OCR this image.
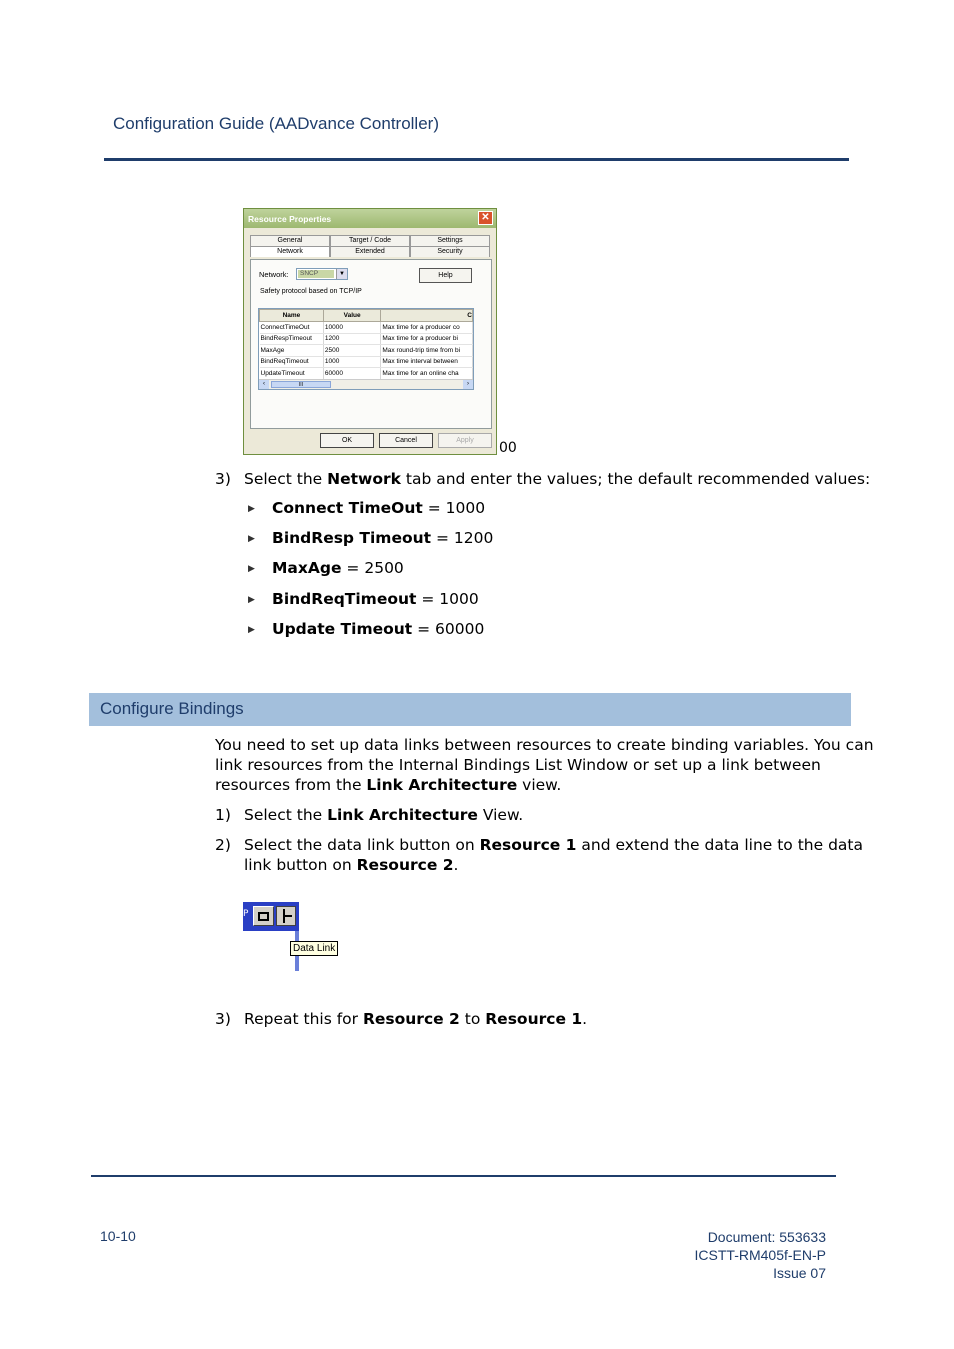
Configuration Guide (AADvance Controller)
Resource Properties	✕
General	Target / Code	Settings
Network	Extended	Security
Network:	SNCP	▼	Help
Safety protocol based on TCP/IP
Name	Value	C
ConnectTimeOut	10000	Max time for a producer co
BindRespTimeout	1200	Max time for a producer bi
MaxAge	2500	Max round-trip time from bi
BindReqTimeout	1000	Max time interval between
UpdateTimeout	60000	Max time for an online cha
‹	III	›
OK	Cancel	Apply	00
3) Select the Network tab and enter the values; the default recommended values:
▶ Connect TimeOut = 1000
▶ BindResp Timeout = 1200
▶ MaxAge = 2500
▶ BindReqTimeout = 1000
▶ Update Timeout = 60000
Configure Bindings
You need to set up data links between resources to create binding variables. You can
link resources from the Internal Bindings List Window or set up a link between
resources from the Link Architecture view.
1) Select the Link Architecture View.
2) Select the data link button on Resource 1 and extend the data line to the data
link button on Resource 2.
P
Data Link
3) Repeat this for Resource 2 to Resource 1.
10-10	Document: 553633
ICSTT-RM405f-EN-P
Issue 07
